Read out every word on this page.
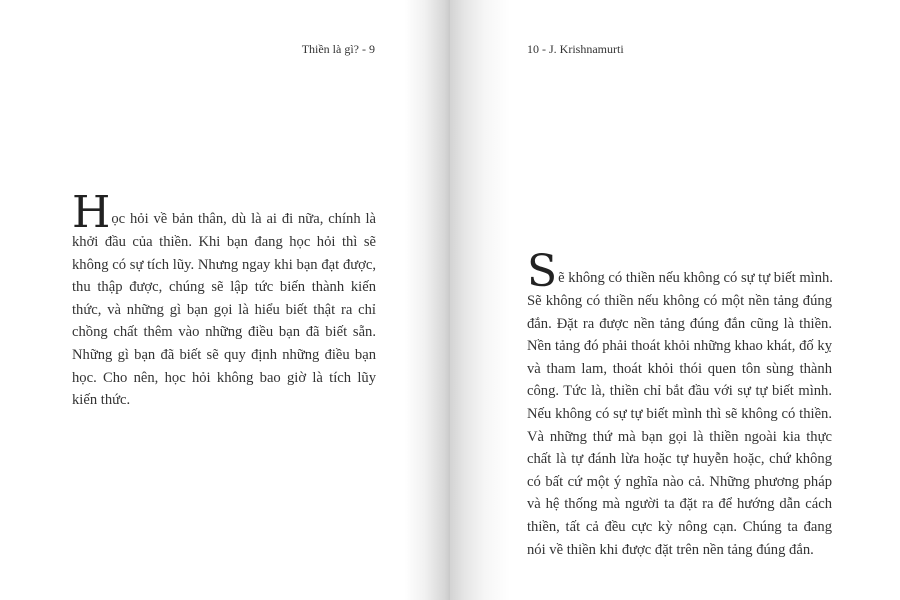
Thiền là gì? - 9
H ọc hỏi về bản thân, dù là ai đi nữa, chính là
khởi đầu của thiền. Khi bạn đang học hỏi thì sẽ
không có sự tích lũy. Nhưng ngay khi bạn đạt được,
thu thập được, chúng sẽ lập tức biến thành kiến
thức, và những gì bạn gọi là hiểu biết thật ra chỉ
chồng chất thêm vào những điều bạn đã biết sẵn.
Những gì bạn đã biết sẽ quy định những điều bạn
học. Cho nên, học hỏi không bao giờ là tích lũy
kiến thức.
10 - J. Krishnamurti
S ẽ không có thiền nếu không có sự tự biết mình.
Sẽ không có thiền nếu không có một nền tảng đúng
đắn. Đặt ra được nền tảng đúng đắn cũng là thiền.
Nền tảng đó phải thoát khỏi những khao khát, đố kỵ
và tham lam, thoát khỏi thói quen tôn sùng thành
công. Tức là, thiền chỉ bắt đầu với sự tự biết mình.
Nếu không có sự tự biết mình thì sẽ không có thiền.
Và những thứ mà bạn gọi là thiền ngoài kia thực
chất là tự đánh lừa hoặc tự huyễn hoặc, chứ không
có bất cứ một ý nghĩa nào cả. Những phương pháp
và hệ thống mà người ta đặt ra để hướng dẫn cách
thiền, tất cả đều cực kỳ nông cạn. Chúng ta đang
nói về thiền khi được đặt trên nền tảng đúng đắn.
